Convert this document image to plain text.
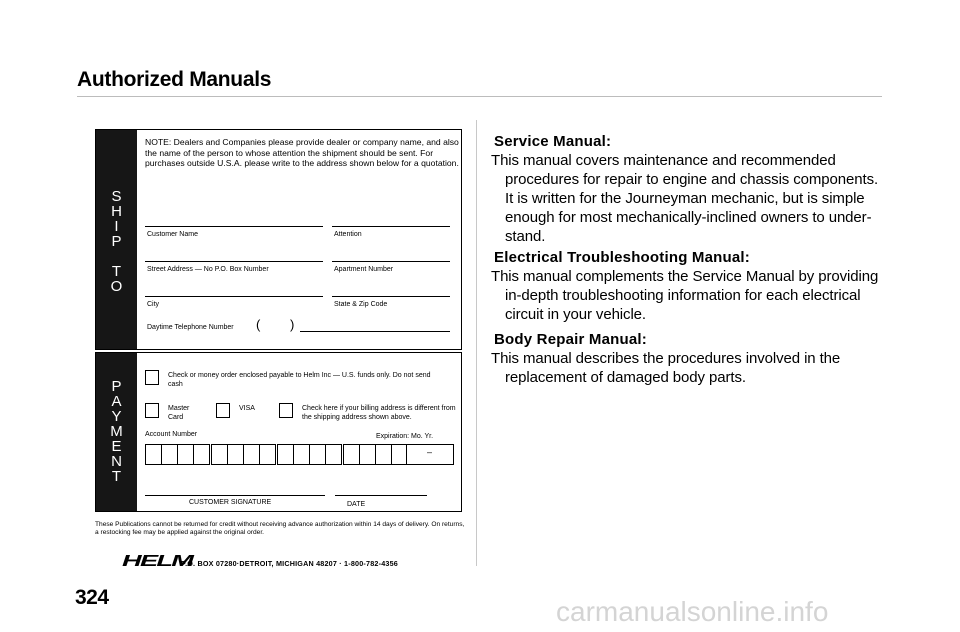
Authorized Manuals
S
H
I
P
T
O
NOTE: Dealers and Companies please provide dealer or company name, and also the name of the person to whose attention the shipment should be sent. For purchases outside U.S.A. please write to the address shown below for a quotation.
Customer Name	Attention
Street Address — No P.O. Box Number	Apartment Number
City	State & Zip Code
Daytime Telephone Number ( )
P
A
Y
M
E
N
T
Check or money order enclosed payable to Helm Inc — U.S. funds only. Do not send cash
Master Card
VISA	Check here if your billing address is different from the shipping address shown above.
Account Number	Expiration: Mo. Yr.
–
CUSTOMER SIGNATURE	DATE
These Publications cannot be returned for credit without receiving advance authorization within 14 days of delivery. On returns, a restocking fee may be applied against the original order.
HELM
P.O. BOX 07280·DETROIT, MICHIGAN 48207 · 1-800-782-4356
324
Service Manual:

This manual covers maintenance and recommended procedures for repair to engine and chassis components. It is written for the Journeyman mechanic, but is simple enough for most mechanically-inclined owners to under-stand.

Electrical Troubleshooting Manual:

This manual complements the Service Manual by providing in-depth troubleshooting information for each electrical circuit in your vehicle.

Body Repair Manual:

This manual describes the procedures involved in the replacement of damaged body parts.

carmanualsonline.info
